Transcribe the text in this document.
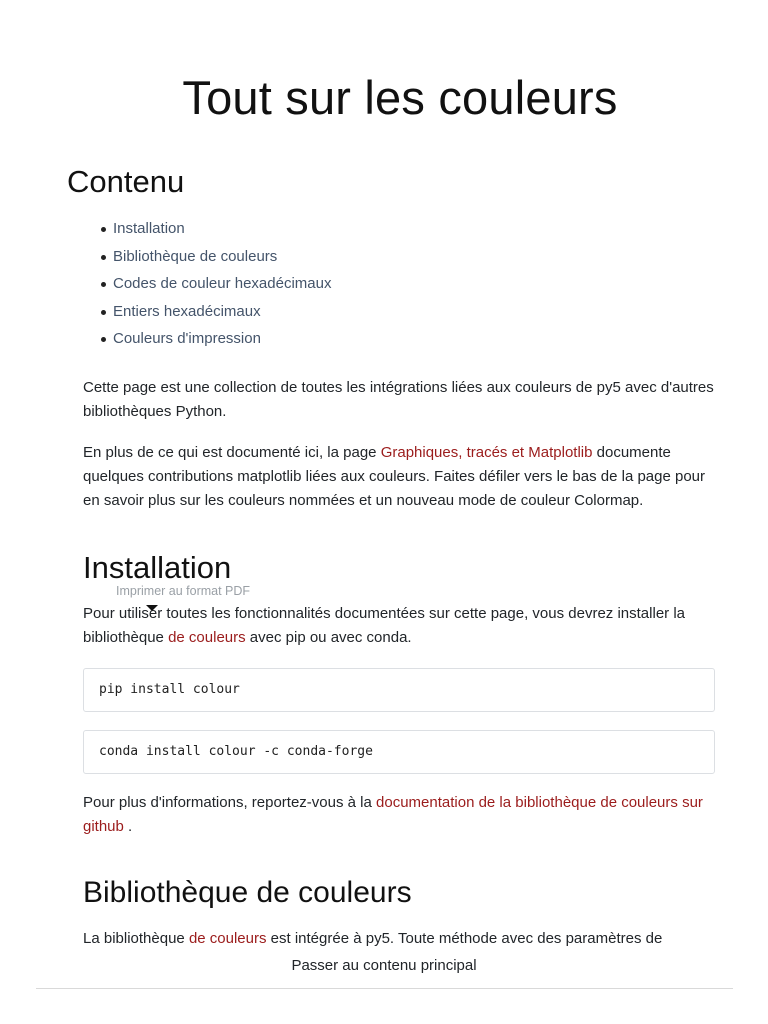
Tout sur les couleurs
Contenu
Installation
Bibliothèque de couleurs
Codes de couleur hexadécimaux
Entiers hexadécimaux
Couleurs d'impression

Cette page est une collection de toutes les intégrations liées aux couleurs de py5 avec d'autres bibliothèques Python.

En plus de ce qui est documenté ici, la page Graphiques, tracés et Matplotlib documente quelques contributions matplotlib liées aux couleurs. Faites défiler vers le bas de la page pour en savoir plus sur les couleurs nommées et un nouveau mode de couleur Colormap.

Installation

Pour utiliser toutes les fonctionnalités documentées sur cette page, vous devrez installer la bibliothèque de couleurs avec pip ou avec conda.

Imprimer au format PDF
pip install colour
conda install colour -c conda-forge

Pour plus d'informations, reportez-vous à la documentation de la bibliothèque de couleurs sur github .

Bibliothèque de couleurs

La bibliothèque de couleurs est intégrée à py5. Toute méthode avec des paramètres de

Passer au contenu principal
